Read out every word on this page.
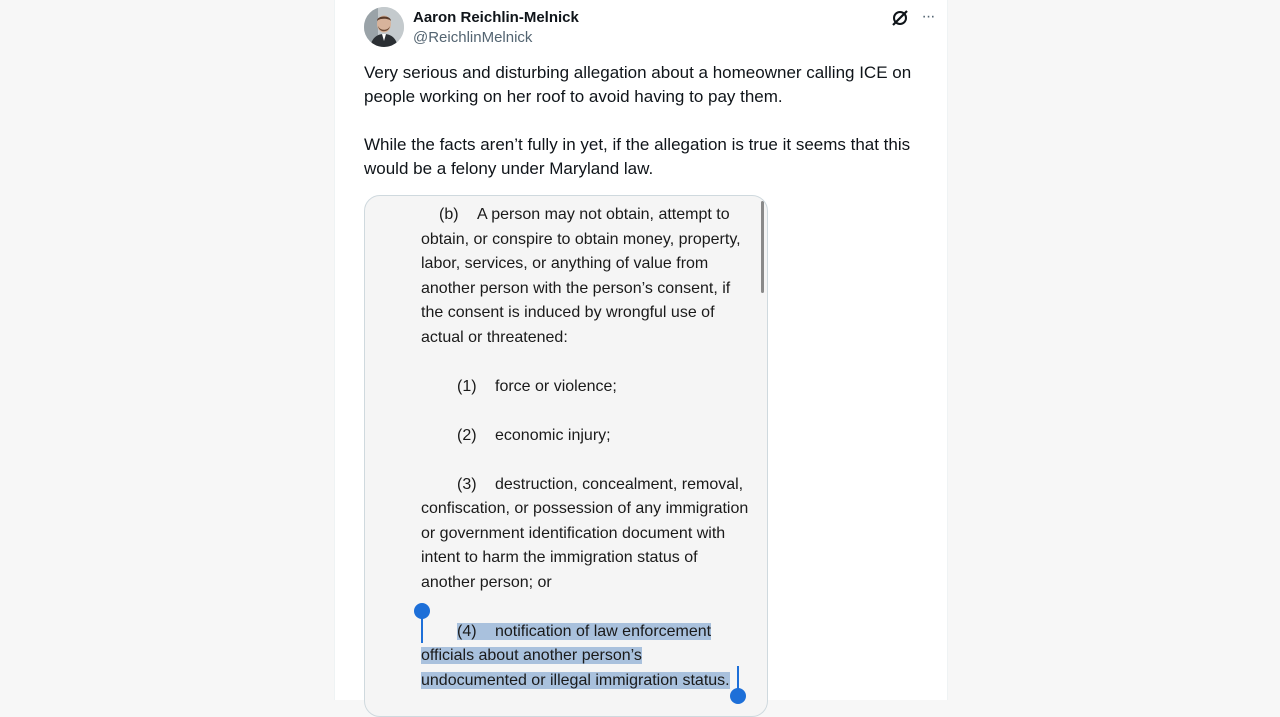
Aaron Reichlin-Melnick
@ReichlinMelnick
···

Very serious and disturbing allegation about a homeowner calling ICE on people working on her roof to avoid having to pay them.

While the facts aren’t fully in yet, if the allegation is true it seems that this would be a felony under Maryland law.

(b) A person may not obtain, attempt to obtain, or conspire to obtain money, property, labor, services, or anything of value from another person with the person’s consent, if the consent is induced by wrongful use of actual or threatened:

(1) force or violence;

(2) economic injury;

(3) destruction, concealment, removal, confiscation, or possession of any immigration or government identification document with intent to harm the immigration status of another person; or

(4) notification of law enforcement officials about another person’s undocumented or illegal immigration status.
